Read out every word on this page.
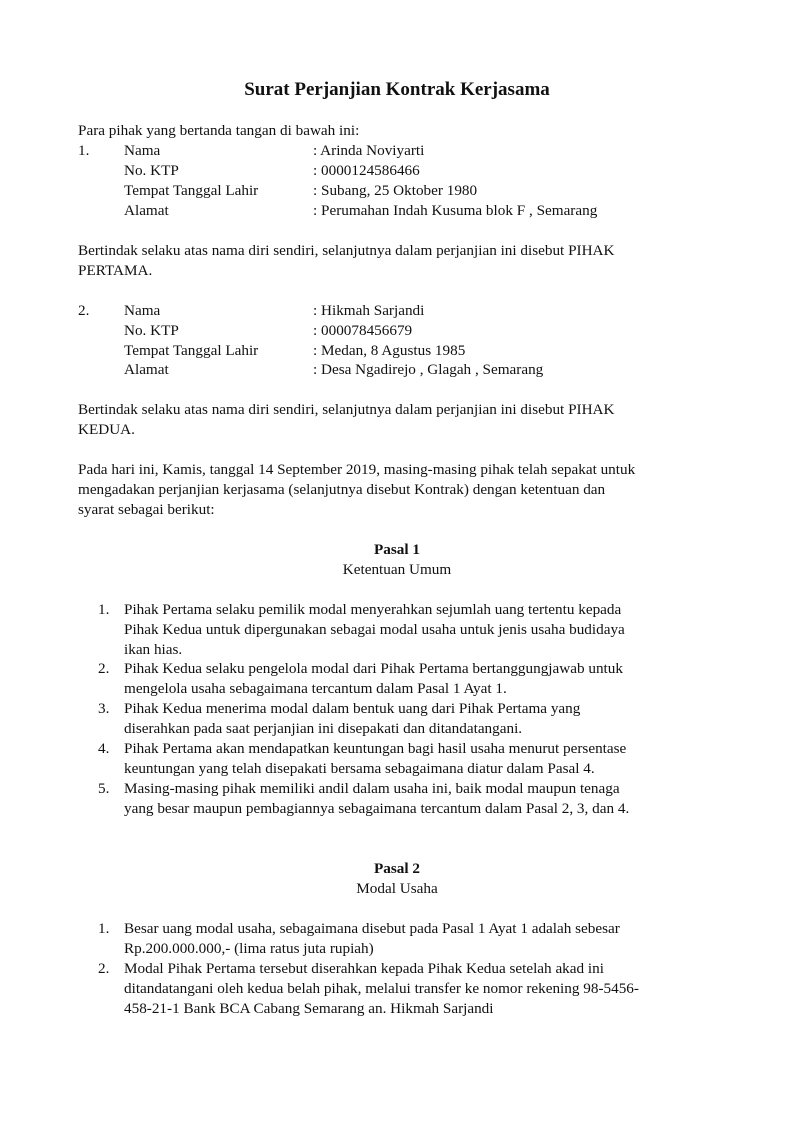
Surat Perjanjian Kontrak Kerjasama
Para pihak yang bertanda tangan di bawah ini:
1. Nama	: Arinda Noviyarti
No. KTP	: 0000124586466
Tempat Tanggal Lahir	: Subang, 25 Oktober 1980
Alamat	: Perumahan Indah Kusuma blok F , Semarang
Bertindak selaku atas nama diri sendiri, selanjutnya dalam perjanjian ini disebut PIHAK
PERTAMA.
2. Nama	: Hikmah Sarjandi
No. KTP	: 000078456679
Tempat Tanggal Lahir	: Medan, 8 Agustus 1985
Alamat	: Desa Ngadirejo , Glagah , Semarang
Bertindak selaku atas nama diri sendiri, selanjutnya dalam perjanjian ini disebut PIHAK
KEDUA.
Pada hari ini, Kamis, tanggal 14 September 2019, masing-masing pihak telah sepakat untuk
mengadakan perjanjian kerjasama (selanjutnya disebut Kontrak) dengan ketentuan dan
syarat sebagai berikut:
Pasal 1
Ketentuan Umum
1. Pihak Pertama selaku pemilik modal menyerahkan sejumlah uang tertentu kepada
Pihak Kedua untuk dipergunakan sebagai modal usaha untuk jenis usaha budidaya
ikan hias.
2. Pihak Kedua selaku pengelola modal dari Pihak Pertama bertanggungjawab untuk
mengelola usaha sebagaimana tercantum dalam Pasal 1 Ayat 1.
3. Pihak Kedua menerima modal dalam bentuk uang dari Pihak Pertama yang
diserahkan pada saat perjanjian ini disepakati dan ditandatangani.
4. Pihak Pertama akan mendapatkan keuntungan bagi hasil usaha menurut persentase
keuntungan yang telah disepakati bersama sebagaimana diatur dalam Pasal 4.
5. Masing-masing pihak memiliki andil dalam usaha ini, baik modal maupun tenaga
yang besar maupun pembagiannya sebagaimana tercantum dalam Pasal 2, 3, dan 4.
Pasal 2
Modal Usaha
1. Besar uang modal usaha, sebagaimana disebut pada Pasal 1 Ayat 1 adalah sebesar
Rp.200.000.000,- (lima ratus juta rupiah)
2. Modal Pihak Pertama tersebut diserahkan kepada Pihak Kedua setelah akad ini
ditandatangani oleh kedua belah pihak, melalui transfer ke nomor rekening 98-5456-
458-21-1 Bank BCA Cabang Semarang an. Hikmah Sarjandi
